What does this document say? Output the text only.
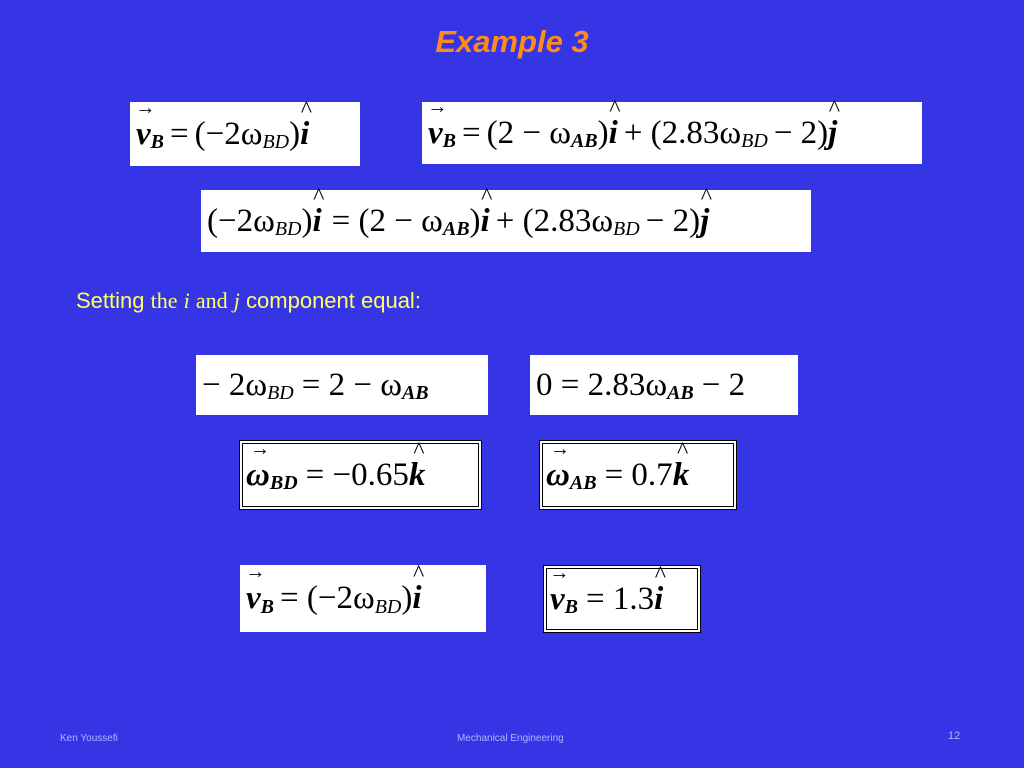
Example 3
→ v B = (−2ω BD ) ^ i	→ v B = (2 − ω AB ) ^ i + (2.83ω BD − 2) ^ j
(−2ω BD ) ^ i = (2 − ω AB ) ^ i + (2.83ω BD − 2) ^ j
Setting the i and j component equal:
− 2ω BD = 2 − ω AB	0 = 2.83ω AB − 2
→ ω BD = −0.65 ^ k	→ ω AB = 0.7 ^ k
→ v B = (−2ω BD ) ^ i	→ v B = 1.3 ^ i
Ken Youssefi	Mechanical Engineering	12
